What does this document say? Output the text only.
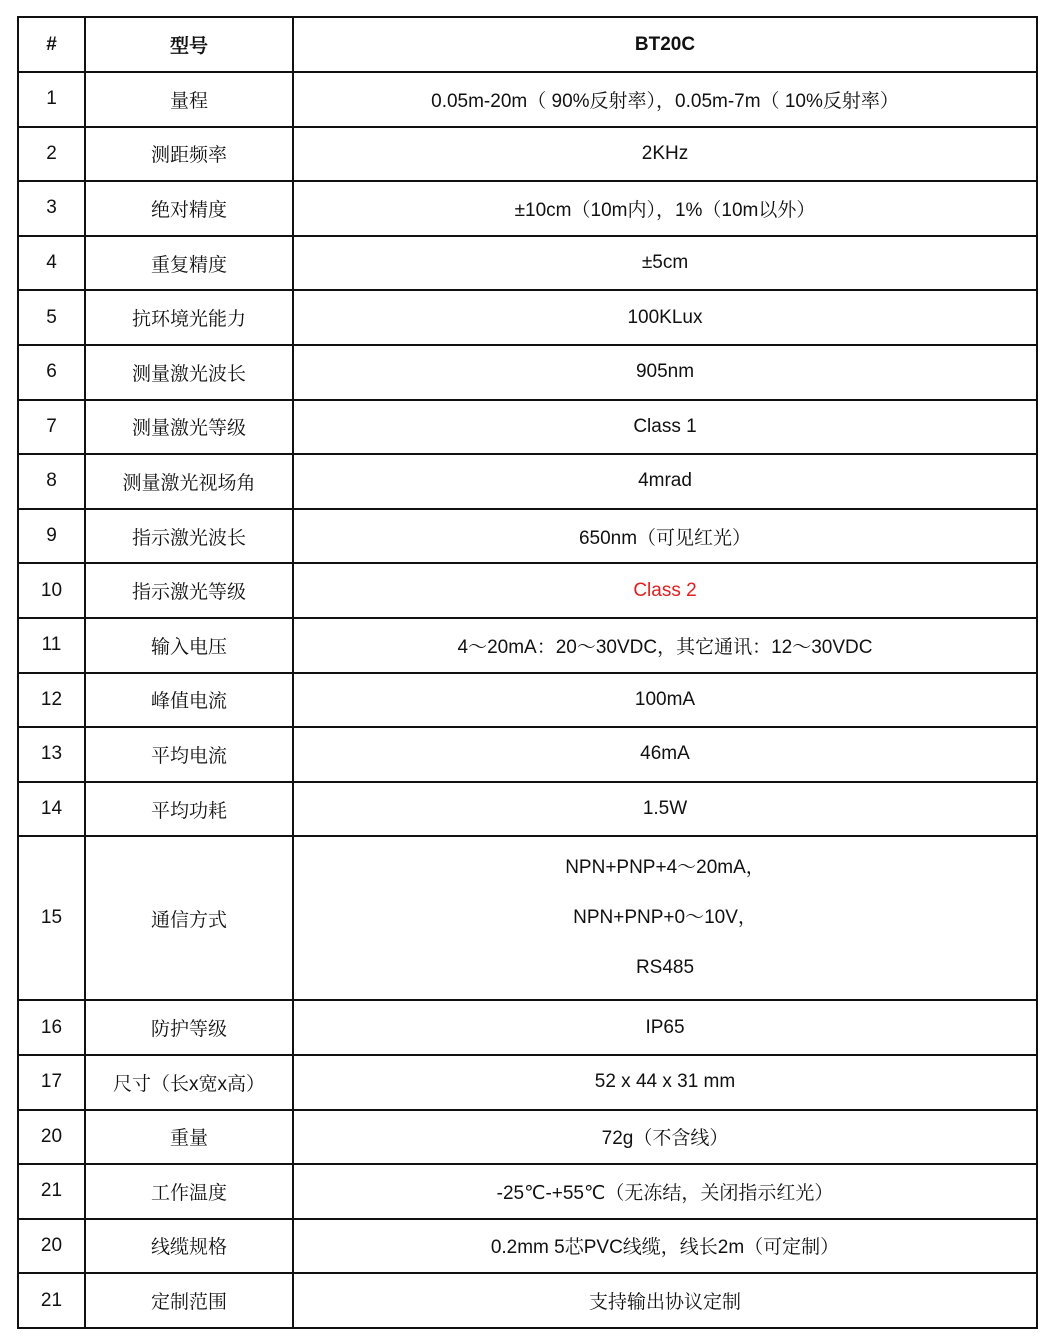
#	型号	BT20C
1	量程	0.05m-20m（ 90%反射率），0.05m-7m（ 10%反射率）
2	测距频率	2KHz
3	绝对精度	±10cm（10m内），1%（10m以外）
4	重复精度	±5cm
5	抗环境光能力	100KLux
6	测量激光波长	905nm
7	测量激光等级	Class 1
8	测量激光视场角	4mrad
9	指示激光波长	650nm（可见红光）
10	指示激光等级	Class 2
11	输入电压	4～20mA：20～30VDC，其它通讯：12～30VDC
12	峰值电流	100mA
13	平均电流	46mA
14	平均功耗	1.5W
15	通信方式	NPN+PNP+4～20mA，
NPN+PNP+0～10V，
RS485

16	防护等级	IP65
17	尺寸（长x宽x高）	52 x 44 x 31 mm
20	重量	72g（不含线）
21	工作温度	-25℃-+55℃（无冻结，关闭指示红光）
20	线缆规格	0.2mm 5芯PVC线缆，线长2m（可定制）
21	定制范围	支持输出协议定制
